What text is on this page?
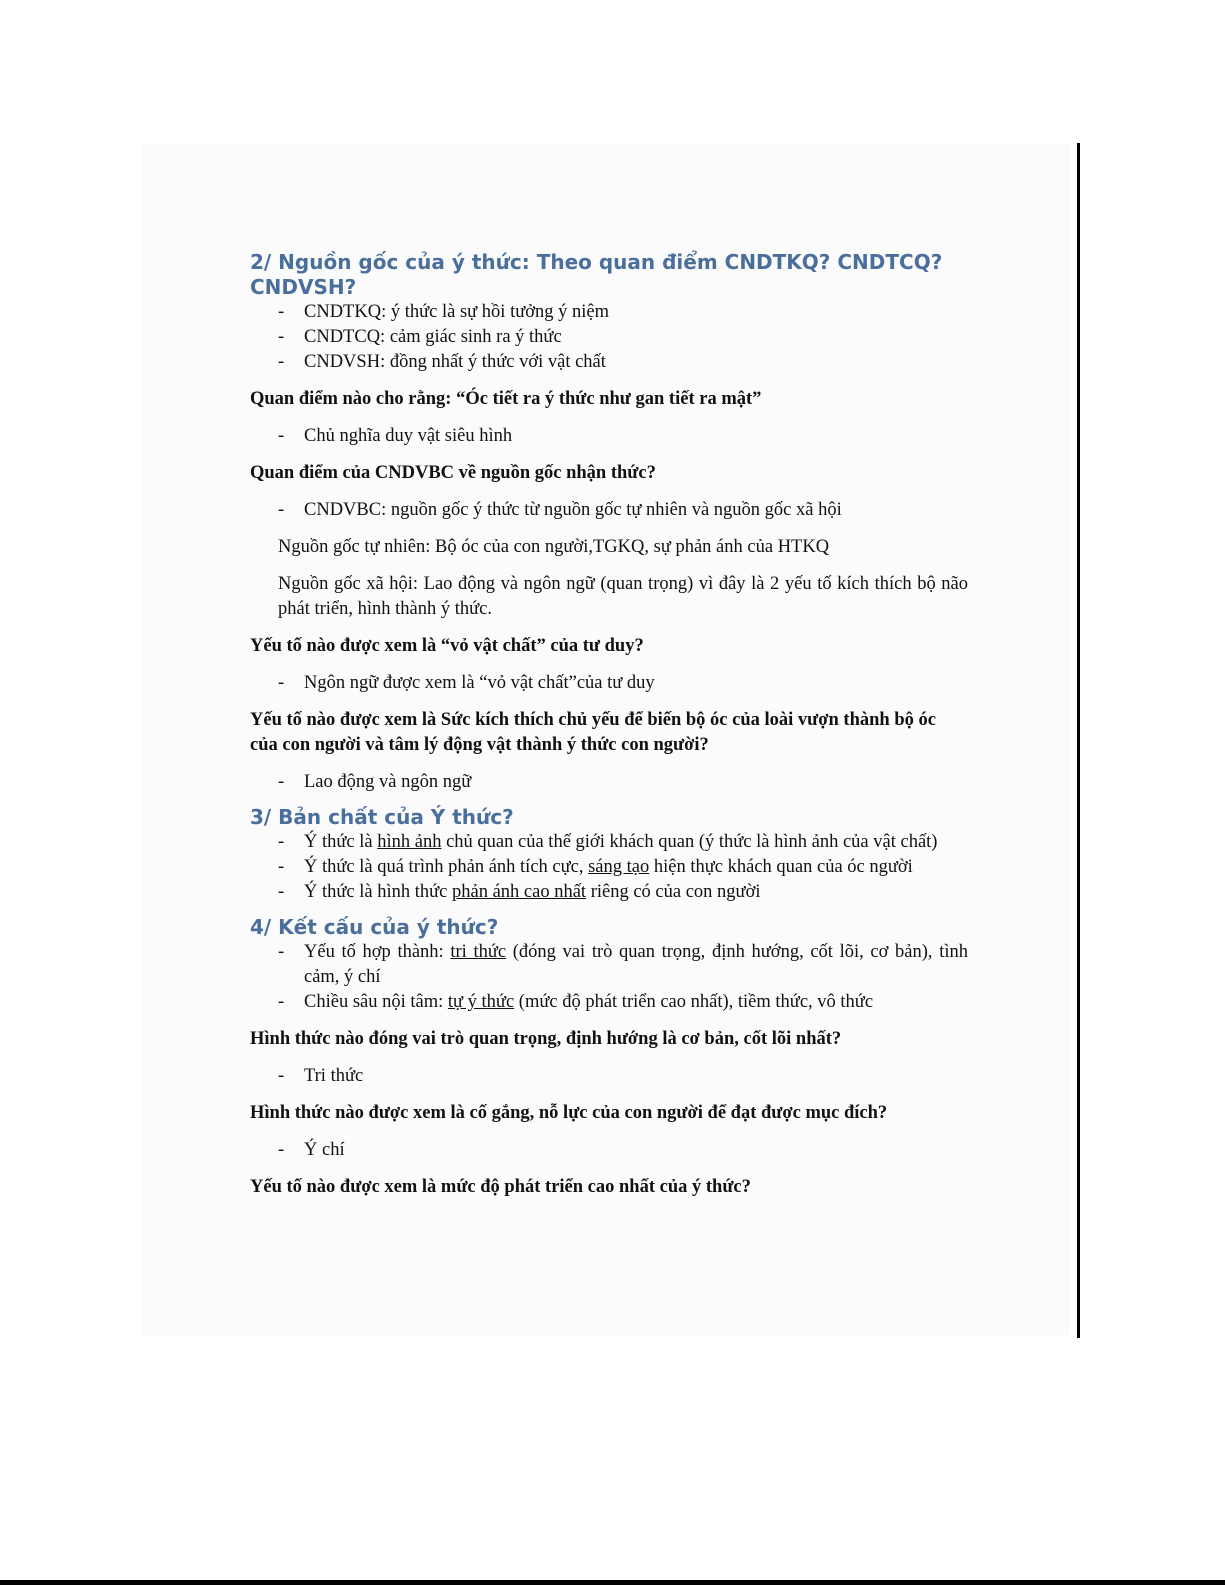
2/ Nguồn gốc của ý thức: Theo quan điểm CNDTKQ? CNDTCQ? CNDVSH?

- CNDTKQ: ý thức là sự hồi tưởng ý niệm
- CNDTCQ: cảm giác sinh ra ý thức
- CNDVSH: đồng nhất ý thức với vật chất

Quan điểm nào cho rằng: “Óc tiết ra ý thức như gan tiết ra mật”

- Chủ nghĩa duy vật siêu hình

Quan điểm của CNDVBC về nguồn gốc nhận thức?

- CNDVBC: nguồn gốc ý thức từ nguồn gốc tự nhiên và nguồn gốc xã hội

Nguồn gốc tự nhiên: Bộ óc của con người,TGKQ, sự phản ánh của HTKQ

Nguồn gốc xã hội: Lao động và ngôn ngữ (quan trọng) vì đây là 2 yếu tố kích thích bộ não phát triển, hình thành ý thức.

Yếu tố nào được xem là “vỏ vật chất” của tư duy?

- Ngôn ngữ được xem là “vỏ vật chất”của tư duy

Yếu tố nào được xem là Sức kích thích chủ yếu để biến bộ óc của loài vượn thành bộ óc của con người và tâm lý động vật thành ý thức con người?

- Lao động và ngôn ngữ

3/ Bản chất của Ý thức?

- Ý thức là hình ảnh chủ quan của thế giới khách quan (ý thức là hình ảnh của vật chất)
- Ý thức là quá trình phản ánh tích cực, sáng tạo hiện thực khách quan của óc người
- Ý thức là hình thức phản ánh cao nhất riêng có của con người

4/ Kết cấu của ý thức?

- Yếu tố hợp thành: tri thức (đóng vai trò quan trọng, định hướng, cốt lõi, cơ bản), tình cảm, ý chí
- Chiều sâu nội tâm: tự ý thức (mức độ phát triển cao nhất), tiềm thức, vô thức

Hình thức nào đóng vai trò quan trọng, định hướng là cơ bản, cốt lõi nhất?

- Tri thức

Hình thức nào được xem là cố gắng, nỗ lực của con người để đạt được mục đích?

- Ý chí

Yếu tố nào được xem là mức độ phát triển cao nhất của ý thức?
